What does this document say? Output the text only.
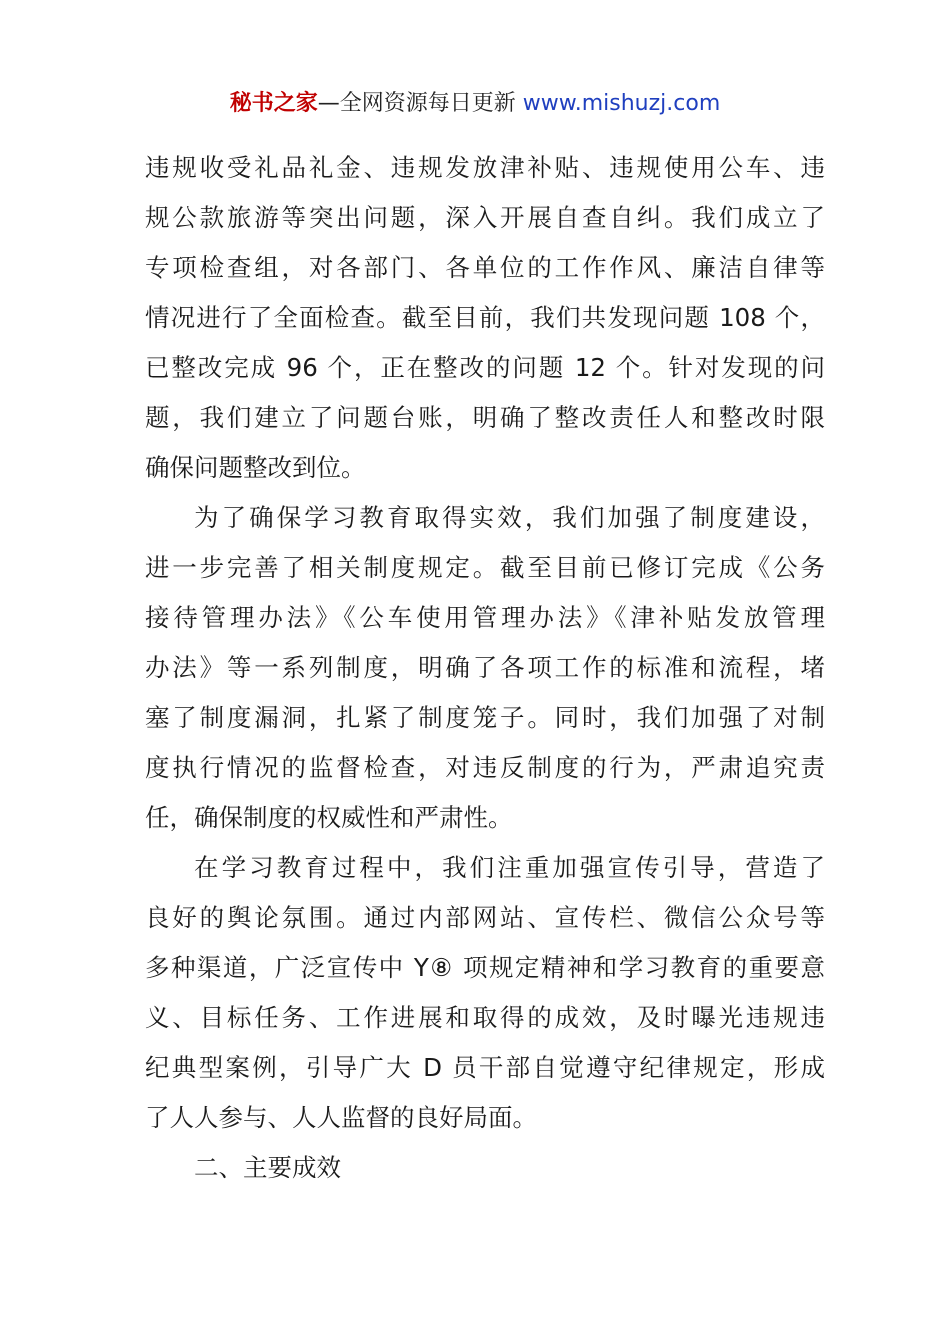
秘书之家—全网资源每日更新 www.mishuzj.com
违规收受礼品礼金、违规发放津补贴、违规使用公车、违
规公款旅游等突出问题，深入开展自查自纠。我们成立了
专项检查组，对各部门、各单位的工作作风、廉洁自律等
情况进行了全面检查。截至目前，我们共发现问题 108 个，
已整改完成 96 个，正在整改的问题 12 个。针对发现的问
题，我们建立了问题台账，明确了整改责任人和整改时限
确保问题整改到位。
为了确保学习教育取得实效，我们加强了制度建设，
进一步完善了相关制度规定。截至目前已修订完成《公务
接待管理办法》《公车使用管理办法》《津补贴发放管理
办法》等一系列制度，明确了各项工作的标准和流程，堵
塞了制度漏洞，扎紧了制度笼子。同时，我们加强了对制
度执行情况的监督检查，对违反制度的行为，严肃追究责
任，确保制度的权威性和严肃性。
在学习教育过程中，我们注重加强宣传引导，营造了
良好的舆论氛围。通过内部网站、宣传栏、微信公众号等
多种渠道，广泛宣传中 Y⑧ 项规定精神和学习教育的重要意
义、目标任务、工作进展和取得的成效，及时曝光违规违
纪典型案例，引导广大 D 员干部自觉遵守纪律规定，形成
了人人参与、人人监督的良好局面。
二、主要成效
